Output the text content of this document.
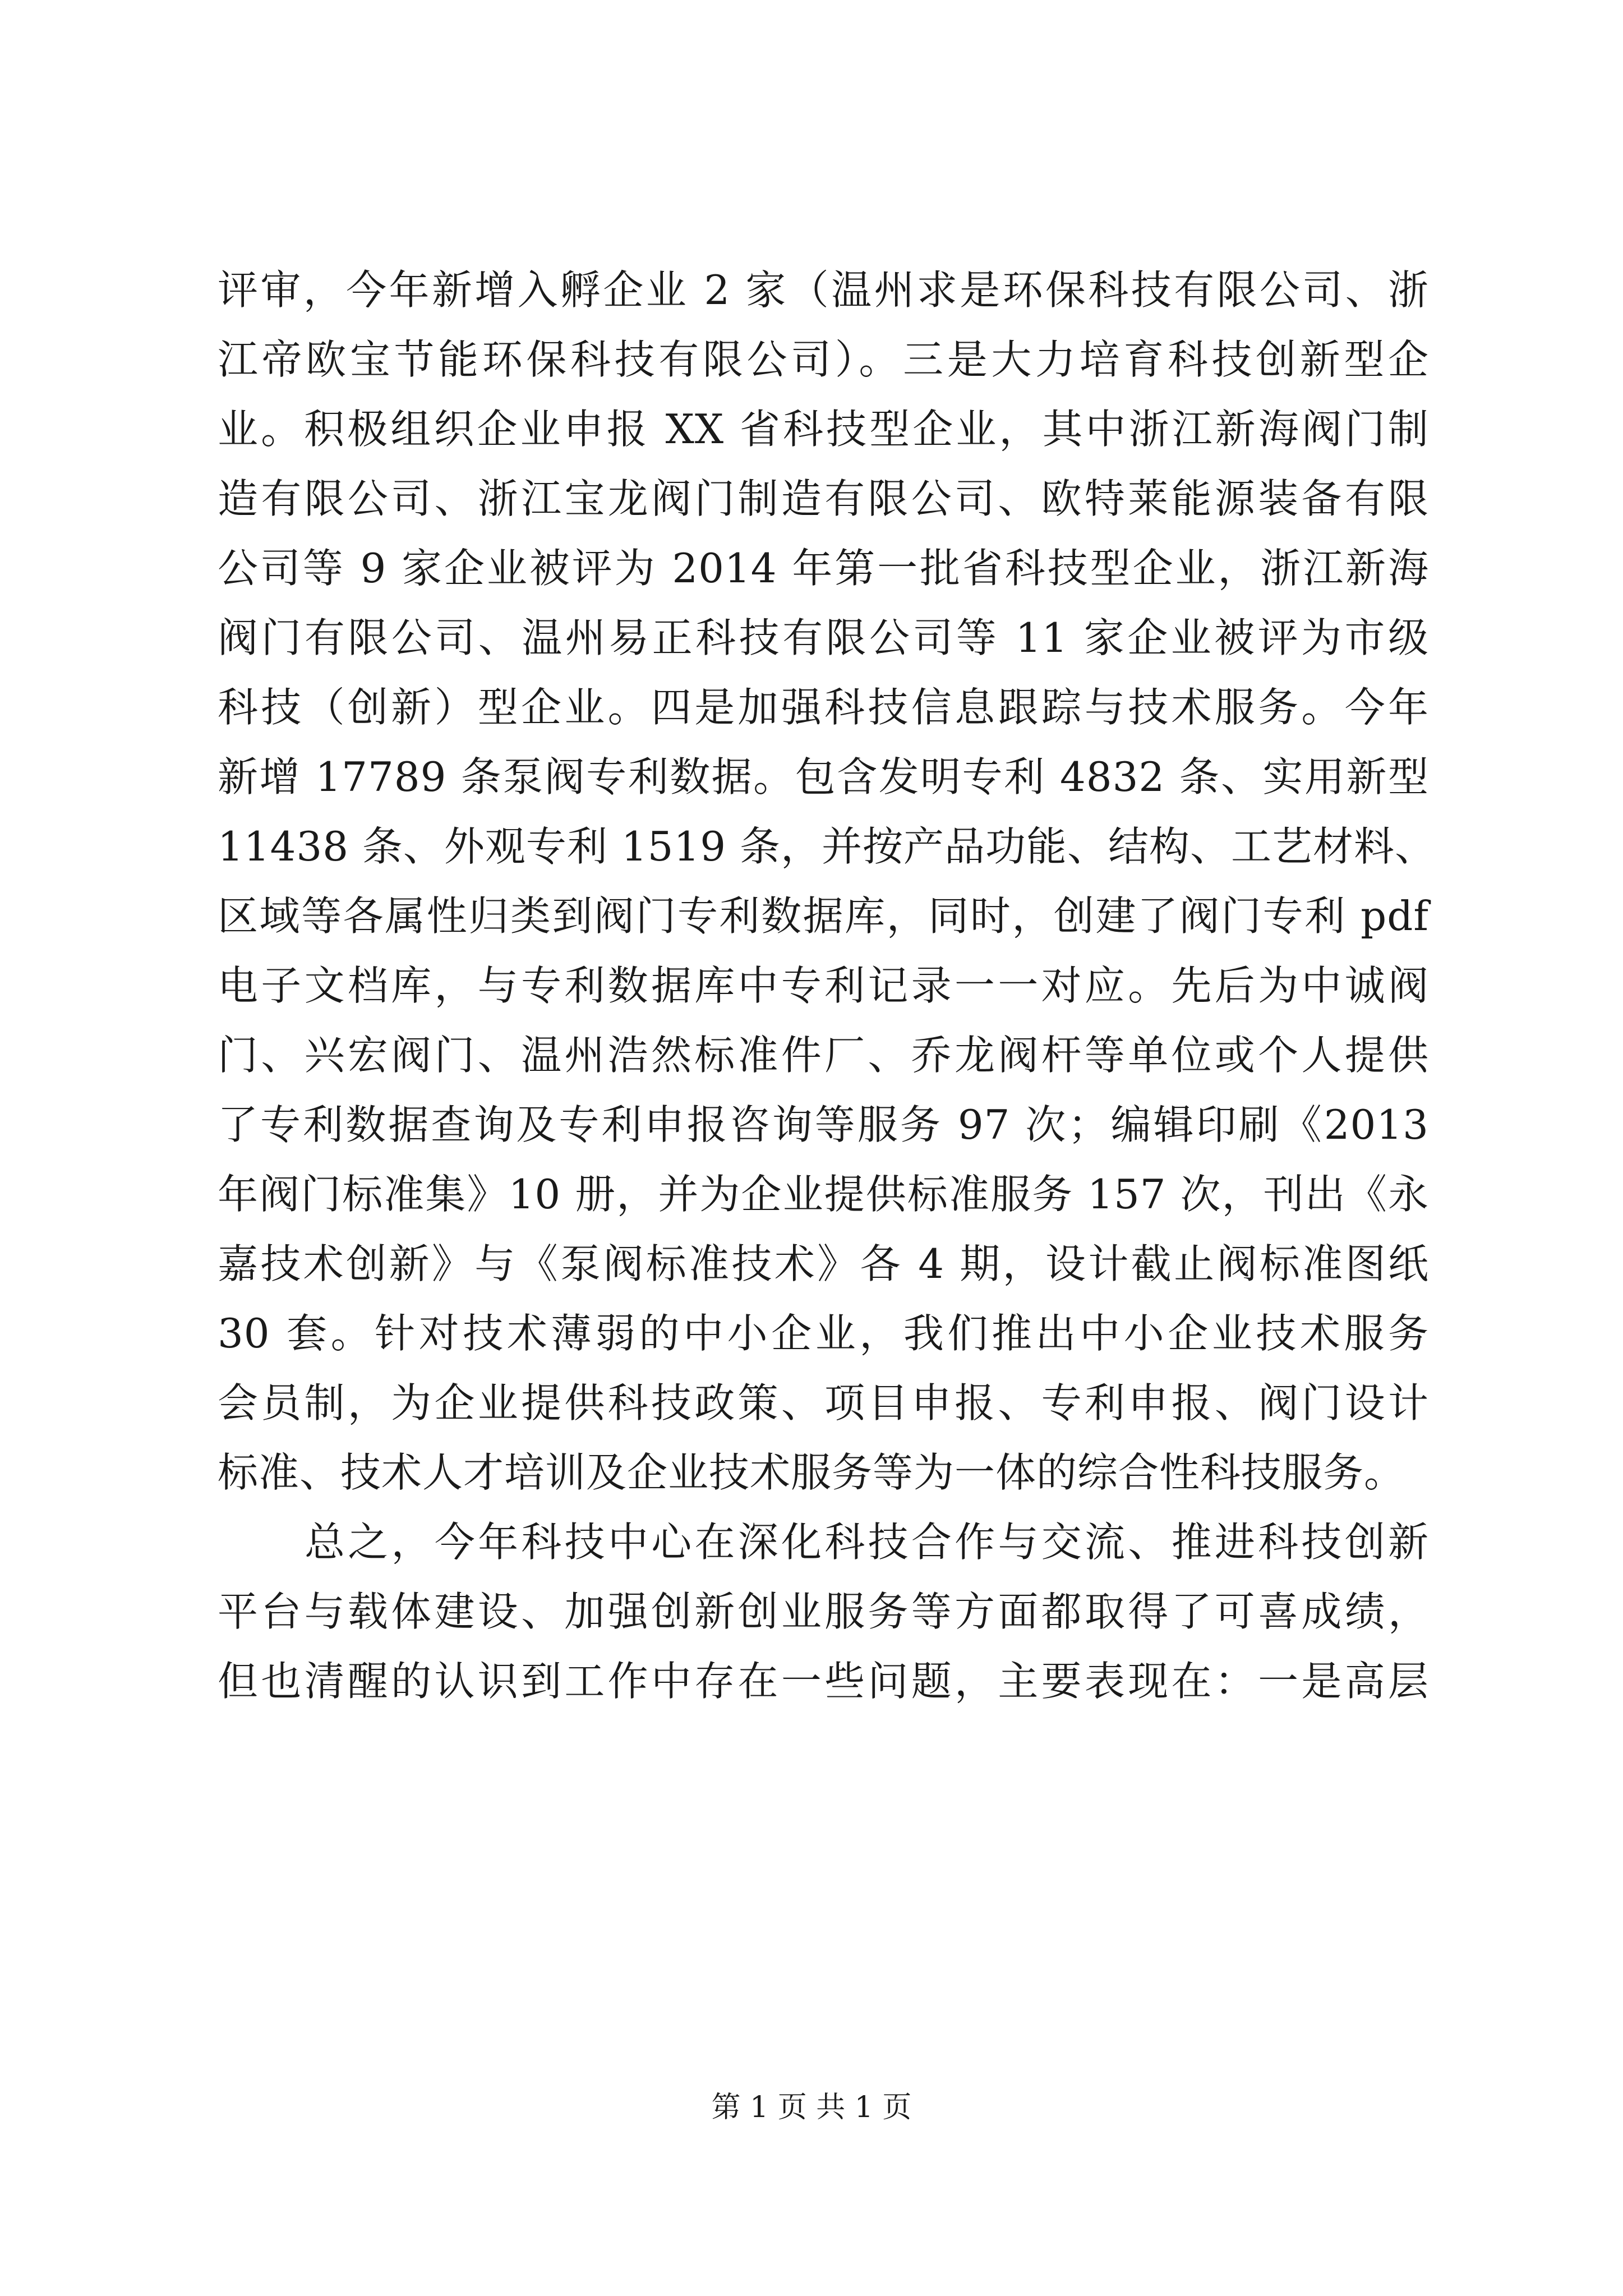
评审，今年新增入孵企业 2 家（温州求是环保科技有限公司、浙
江帝欧宝节能环保科技有限公司）。三是大力培育科技创新型企
业。积极组织企业申报 XX 省科技型企业，其中浙江新海阀门制
造有限公司、浙江宝龙阀门制造有限公司、欧特莱能源装备有限
公司等 9 家企业被评为 2014 年第一批省科技型企业，浙江新海
阀门有限公司、温州易正科技有限公司等 11 家企业被评为市级
科技（创新）型企业。四是加强科技信息跟踪与技术服务。今年
新增 17789 条泵阀专利数据。包含发明专利 4832 条、实用新型
11438 条、外观专利 1519 条，并按产品功能、结构、工艺材料、
区域等各属性归类到阀门专利数据库，同时，创建了阀门专利 pdf
电子文档库，与专利数据库中专利记录一一对应。先后为中诚阀
门、兴宏阀门、温州浩然标准件厂、乔龙阀杆等单位或个人提供
了专利数据查询及专利申报咨询等服务 97 次；编辑印刷《2013
年阀门标准集》10 册，并为企业提供标准服务 157 次，刊出《永
嘉技术创新》与《泵阀标准技术》各 4 期，设计截止阀标准图纸
30 套。针对技术薄弱的中小企业，我们推出中小企业技术服务
会员制，为企业提供科技政策、项目申报、专利申报、阀门设计
标准、技术人才培训及企业技术服务等为一体的综合性科技服务。
总之，今年科技中心在深化科技合作与交流、推进科技创新
平台与载体建设、加强创新创业服务等方面都取得了可喜成绩，
但也清醒的认识到工作中存在一些问题，主要表现在：一是高层
第 1 页 共 1 页
